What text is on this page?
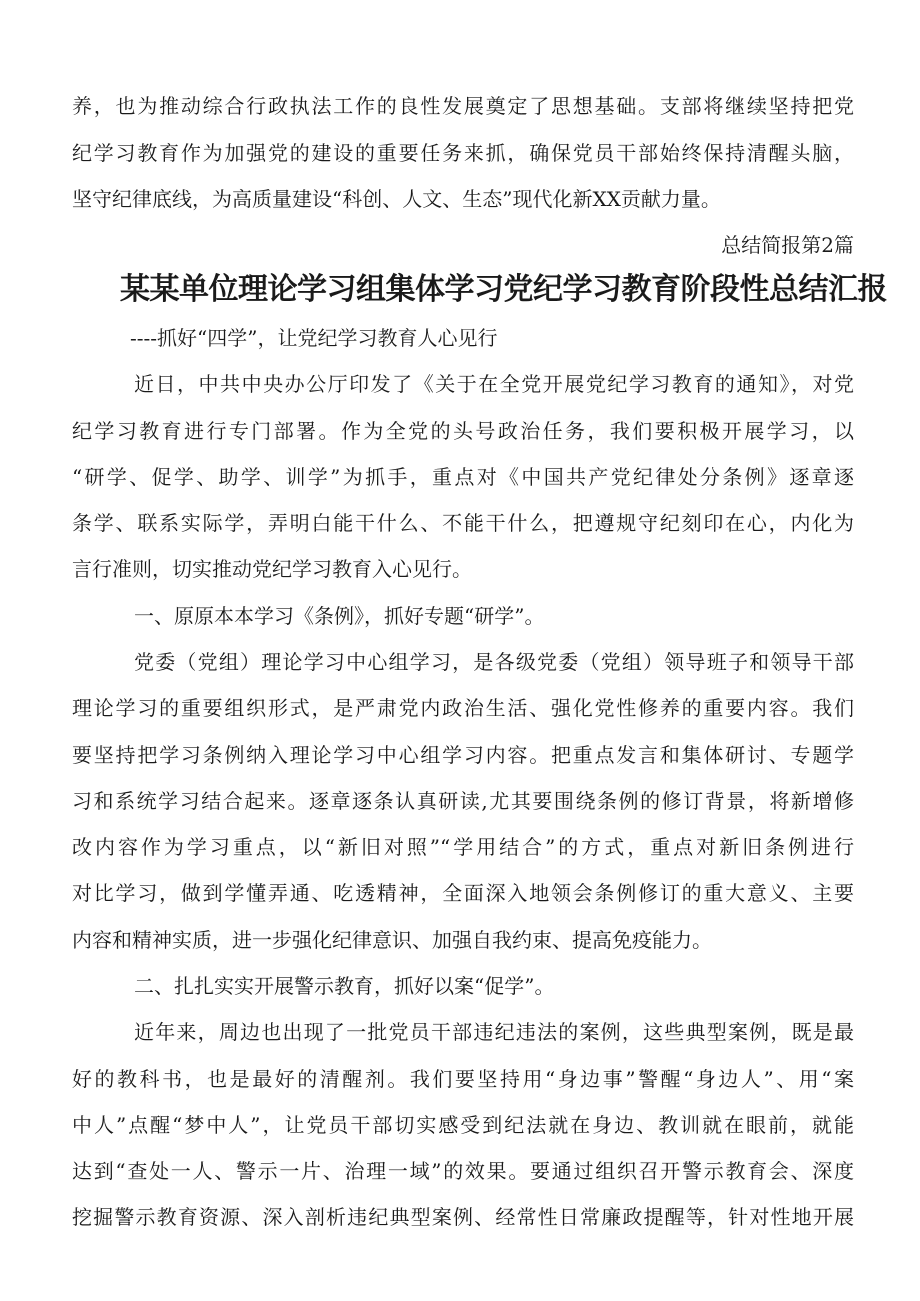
养，也为推动综合行政执法工作的良性发展奠定了思想基础。支部将继续坚持把党
纪学习教育作为加强党的建设的重要任务来抓，确保党员干部始终保持清醒头脑，
坚守纪律底线，为高质量建设“科创、人文、生态”现代化新XX贡献力量。
总结简报第2篇
某某单位理论学习组集体学习党纪学习教育阶段性总结汇报
----抓好“四学”，让党纪学习教育人心见行
近日，中共中央办公厅印发了《关于在全党开展党纪学习教育的通知》，对党
纪学习教育进行专门部署。作为全党的头号政治任务，我们要积极开展学习，以
“研学、促学、助学、训学”为抓手，重点对《中国共产党纪律处分条例》逐章逐
条学、联系实际学，弄明白能干什么、不能干什么，把遵规守纪刻印在心，内化为
言行准则，切实推动党纪学习教育入心见行。
一、原原本本学习《条例》，抓好专题“研学”。
党委（党组）理论学习中心组学习，是各级党委（党组）领导班子和领导干部
理论学习的重要组织形式，是严肃党内政治生活、强化党性修养的重要内容。我们
要坚持把学习条例纳入理论学习中心组学习内容。把重点发言和集体研讨、专题学
习和系统学习结合起来。逐章逐条认真研读,尤其要围绕条例的修订背景，将新增修
改内容作为学习重点，以“新旧对照”“学用结合”的方式，重点对新旧条例进行
对比学习，做到学懂弄通、吃透精神，全面深入地领会条例修订的重大意义、主要
内容和精神实质，进一步强化纪律意识、加强自我约束、提高免疫能力。
二、扎扎实实开展警示教育，抓好以案“促学”。
近年来，周边也出现了一批党员干部违纪违法的案例，这些典型案例，既是最
好的教科书，也是最好的清醒剂。我们要坚持用“身边事”警醒“身边人”、用“案
中人”点醒“梦中人”，让党员干部切实感受到纪法就在身边、教训就在眼前，就能
达到“查处一人、警示一片、治理一域”的效果。要通过组织召开警示教育会、深度
挖掘警示教育资源、深入剖析违纪典型案例、经常性日常廉政提醒等，针对性地开展
